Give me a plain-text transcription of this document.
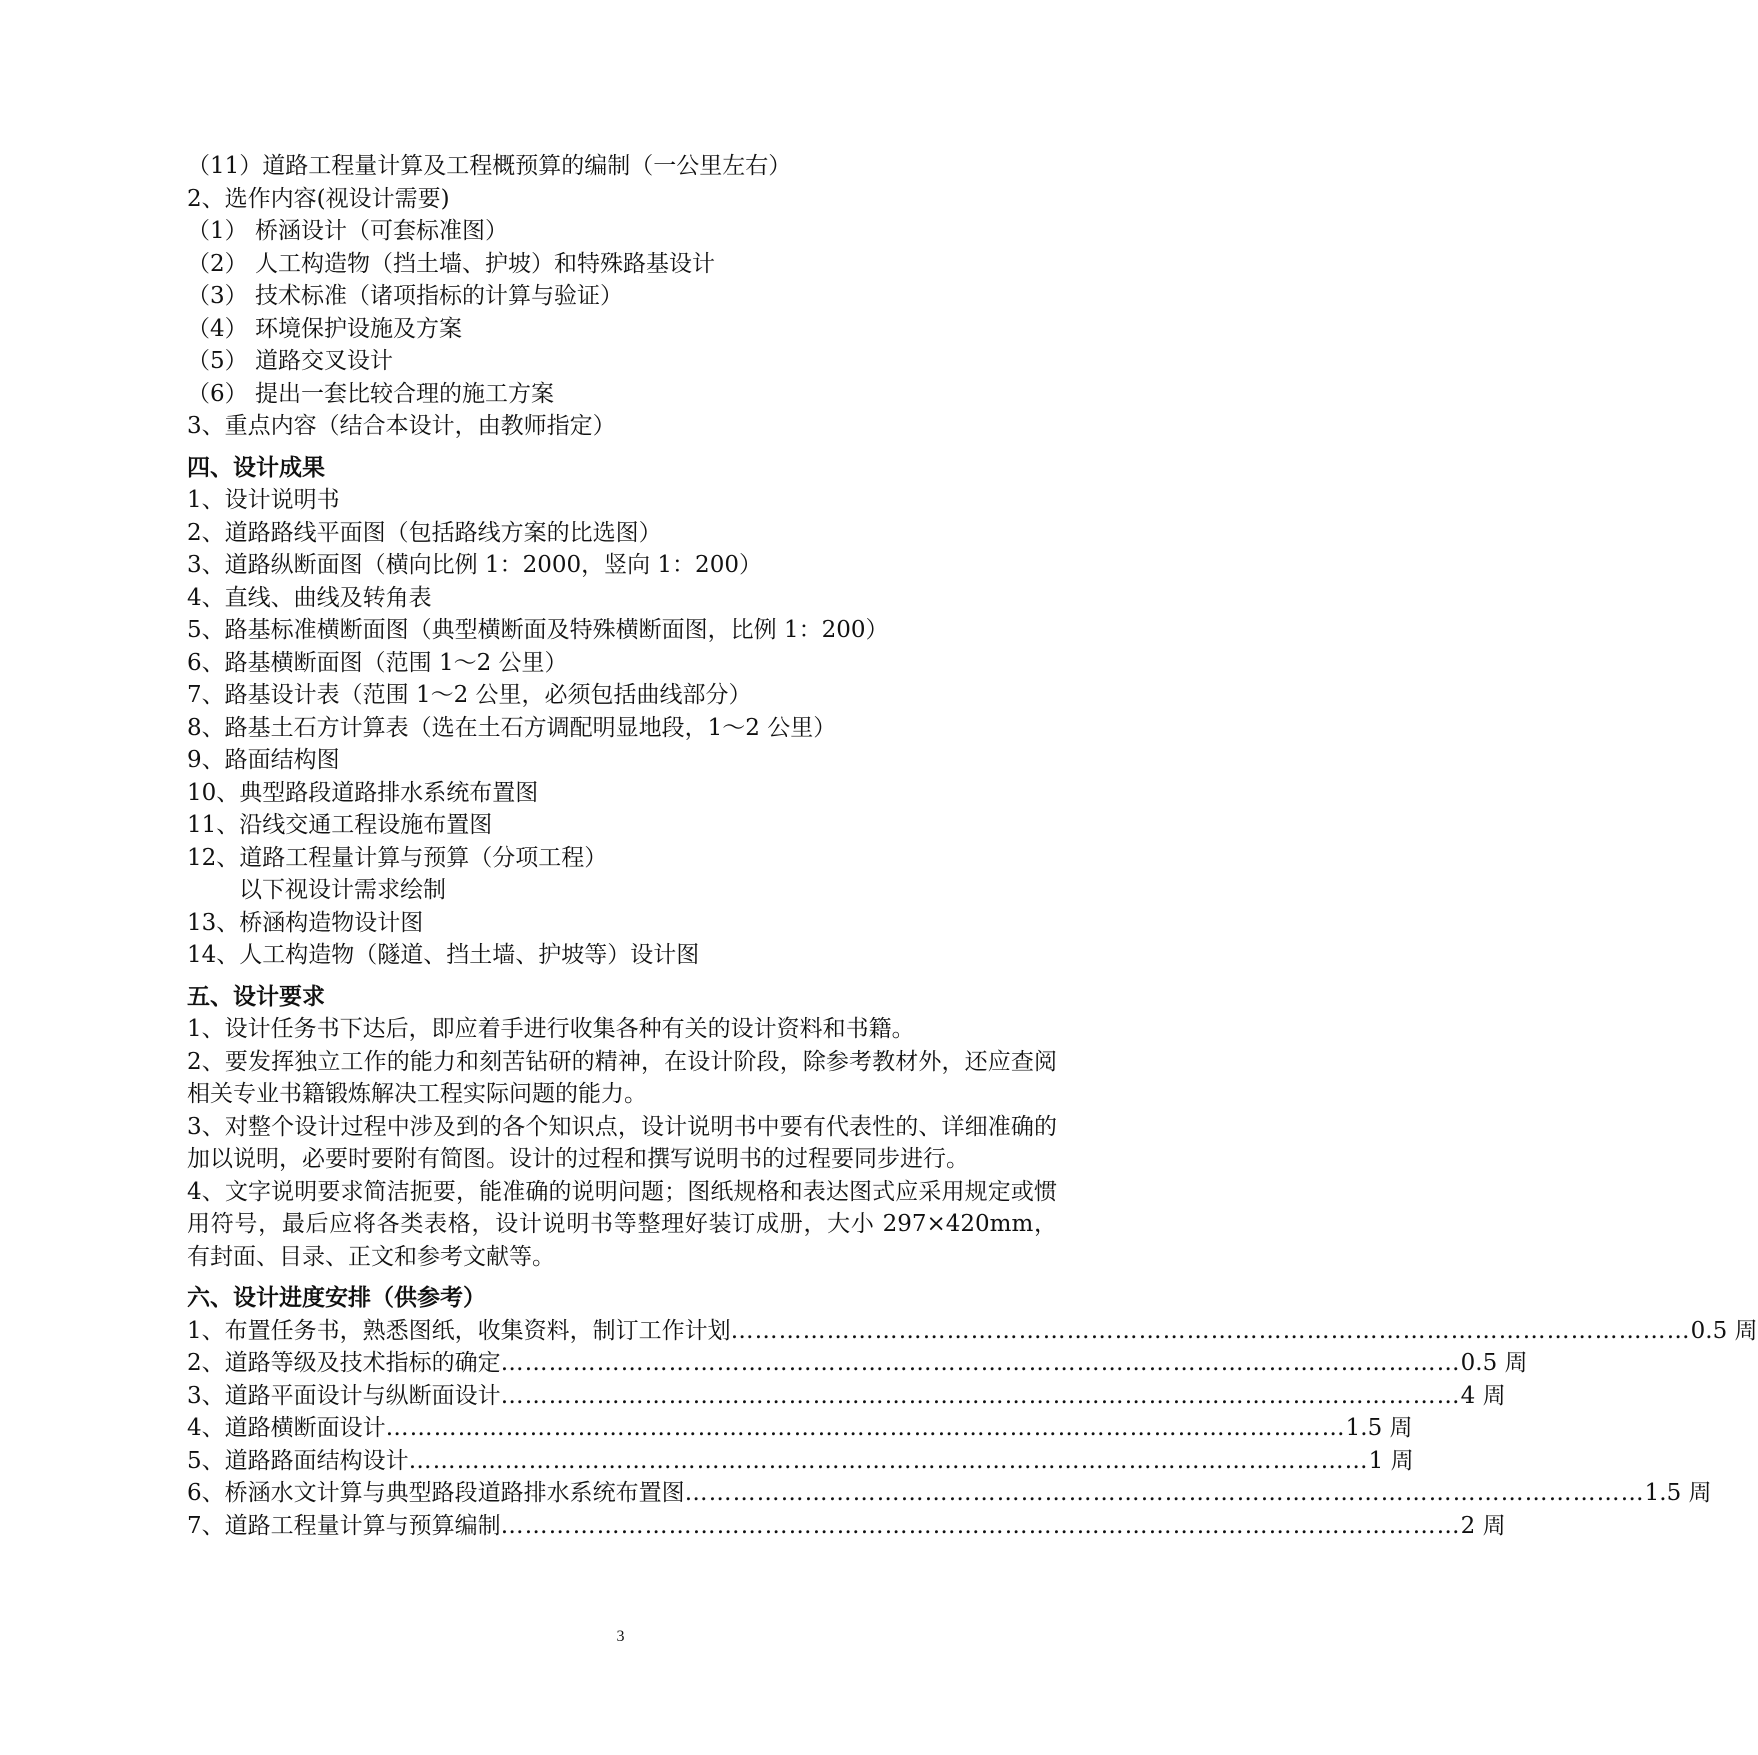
（11）道路工程量计算及工程概预算的编制（一公里左右）
2、选作内容(视设计需要)
（1） 桥涵设计（可套标准图）
（2） 人工构造物（挡土墙、护坡）和特殊路基设计
（3） 技术标准（诸项指标的计算与验证）
（4） 环境保护设施及方案
（5） 道路交叉设计
（6） 提出一套比较合理的施工方案
3、重点内容（结合本设计，由教师指定）
四、设计成果
1、设计说明书
2、道路路线平面图（包括路线方案的比选图）
3、道路纵断面图（横向比例 1：2000，竖向 1：200）
4、直线、曲线及转角表
5、路基标准横断面图（典型横断面及特殊横断面图，比例 1：200）
6、路基横断面图（范围 1～2 公里）
7、路基设计表（范围 1～2 公里，必须包括曲线部分）
8、路基土石方计算表（选在土石方调配明显地段，1～2 公里）
9、路面结构图
10、典型路段道路排水系统布置图
11、沿线交通工程设施布置图
12、道路工程量计算与预算（分项工程）
以下视设计需求绘制
13、桥涵构造物设计图
14、人工构造物（隧道、挡土墙、护坡等）设计图
五、设计要求
1、设计任务书下达后，即应着手进行收集各种有关的设计资料和书籍。
2、要发挥独立工作的能力和刻苦钻研的精神，在设计阶段，除参考教材外，还应查阅相关专业书籍锻炼解决工程实际问题的能力。
3、对整个设计过程中涉及到的各个知识点，设计说明书中要有代表性的、详细准确的加以说明，必要时要附有简图。设计的过程和撰写说明书的过程要同步进行。
4、文字说明要求简洁扼要，能准确的说明问题；图纸规格和表达图式应采用规定或惯用符号，最后应将各类表格，设计说明书等整理好装订成册，大小 297×420mm，有封面、目录、正文和参考文献等。
六、设计进度安排（供参考）
1、布置任务书，熟悉图纸，收集资料，制订工作计划 ………………………………………………………………………………………………………… 0.5 周
2、道路等级及技术指标的确定 ………………………………………………………………………………………………………… 0.5 周
3、道路平面设计与纵断面设计 ………………………………………………………………………………………………………… 4 周
4、道路横断面设计 ………………………………………………………………………………………………………… 1.5 周
5、道路路面结构设计 ………………………………………………………………………………………………………… 1 周
6、桥涵水文计算与典型路段道路排水系统布置图 ………………………………………………………………………………………………………… 1.5 周
7、道路工程量计算与预算编制 ………………………………………………………………………………………………………… 2 周
3
